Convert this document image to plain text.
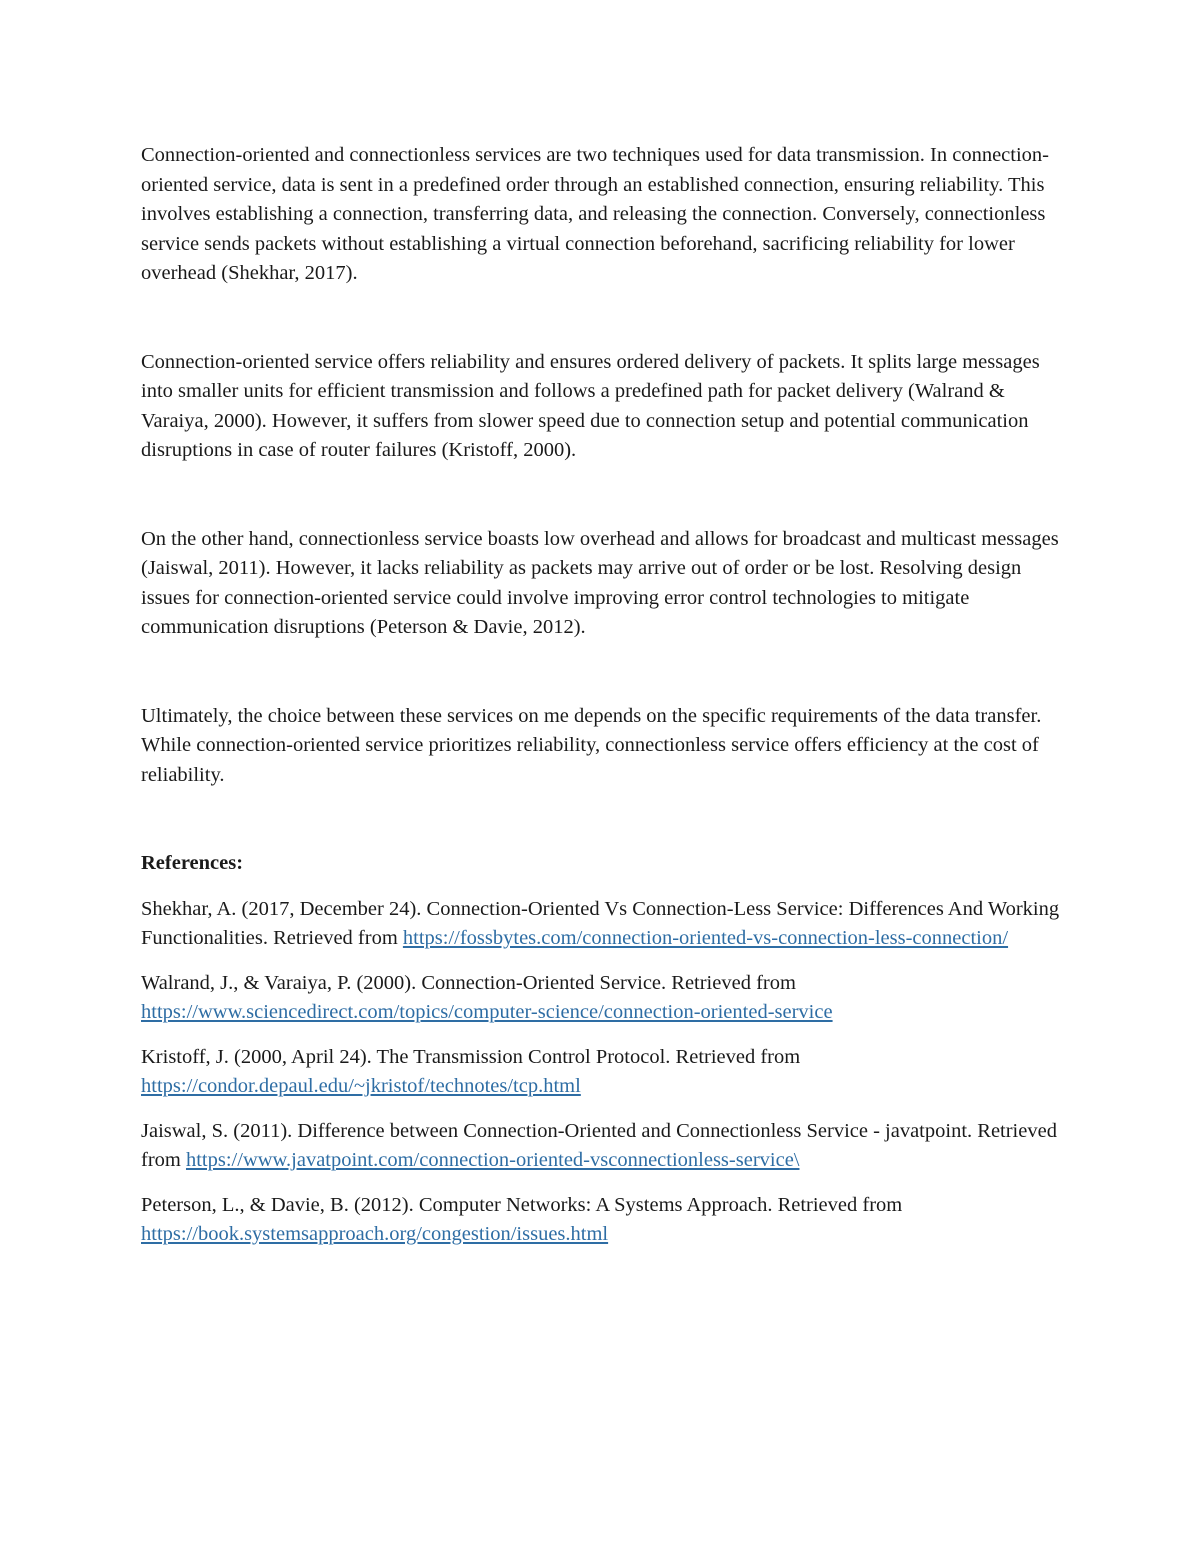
Connection-oriented and connectionless services are two techniques used for data transmission. In connection-oriented service, data is sent in a predefined order through an established connection, ensuring reliability. This involves establishing a connection, transferring data, and releasing the connection. Conversely, connectionless service sends packets without establishing a virtual connection beforehand, sacrificing reliability for lower overhead (Shekhar, 2017).

Connection-oriented service offers reliability and ensures ordered delivery of packets. It splits large messages into smaller units for efficient transmission and follows a predefined path for packet delivery (Walrand & Varaiya, 2000). However, it suffers from slower speed due to connection setup and potential communication disruptions in case of router failures (Kristoff, 2000).

On the other hand, connectionless service boasts low overhead and allows for broadcast and multicast messages (Jaiswal, 2011). However, it lacks reliability as packets may arrive out of order or be lost. Resolving design issues for connection-oriented service could involve improving error control technologies to mitigate communication disruptions (Peterson & Davie, 2012).

Ultimately, the choice between these services on me depends on the specific requirements of the data transfer. While connection-oriented service prioritizes reliability, connectionless service offers efficiency at the cost of reliability.

References:

Shekhar, A. (2017, December 24). Connection-Oriented Vs Connection-Less Service: Differences And Working Functionalities. Retrieved from https://fossbytes.com/connection-oriented-vs-connection-less-connection/

Walrand, J., & Varaiya, P. (2000). Connection-Oriented Service. Retrieved from https://www.sciencedirect.com/topics/computer-science/connection-oriented-service

Kristoff, J. (2000, April 24). The Transmission Control Protocol. Retrieved from https://condor.depaul.edu/~jkristof/technotes/tcp.html

Jaiswal, S. (2011). Difference between Connection-Oriented and Connectionless Service - javatpoint. Retrieved from https://www.javatpoint.com/connection-oriented-vsconnectionless-service\

Peterson, L., & Davie, B. (2012). Computer Networks: A Systems Approach. Retrieved from https://book.systemsapproach.org/congestion/issues.html
